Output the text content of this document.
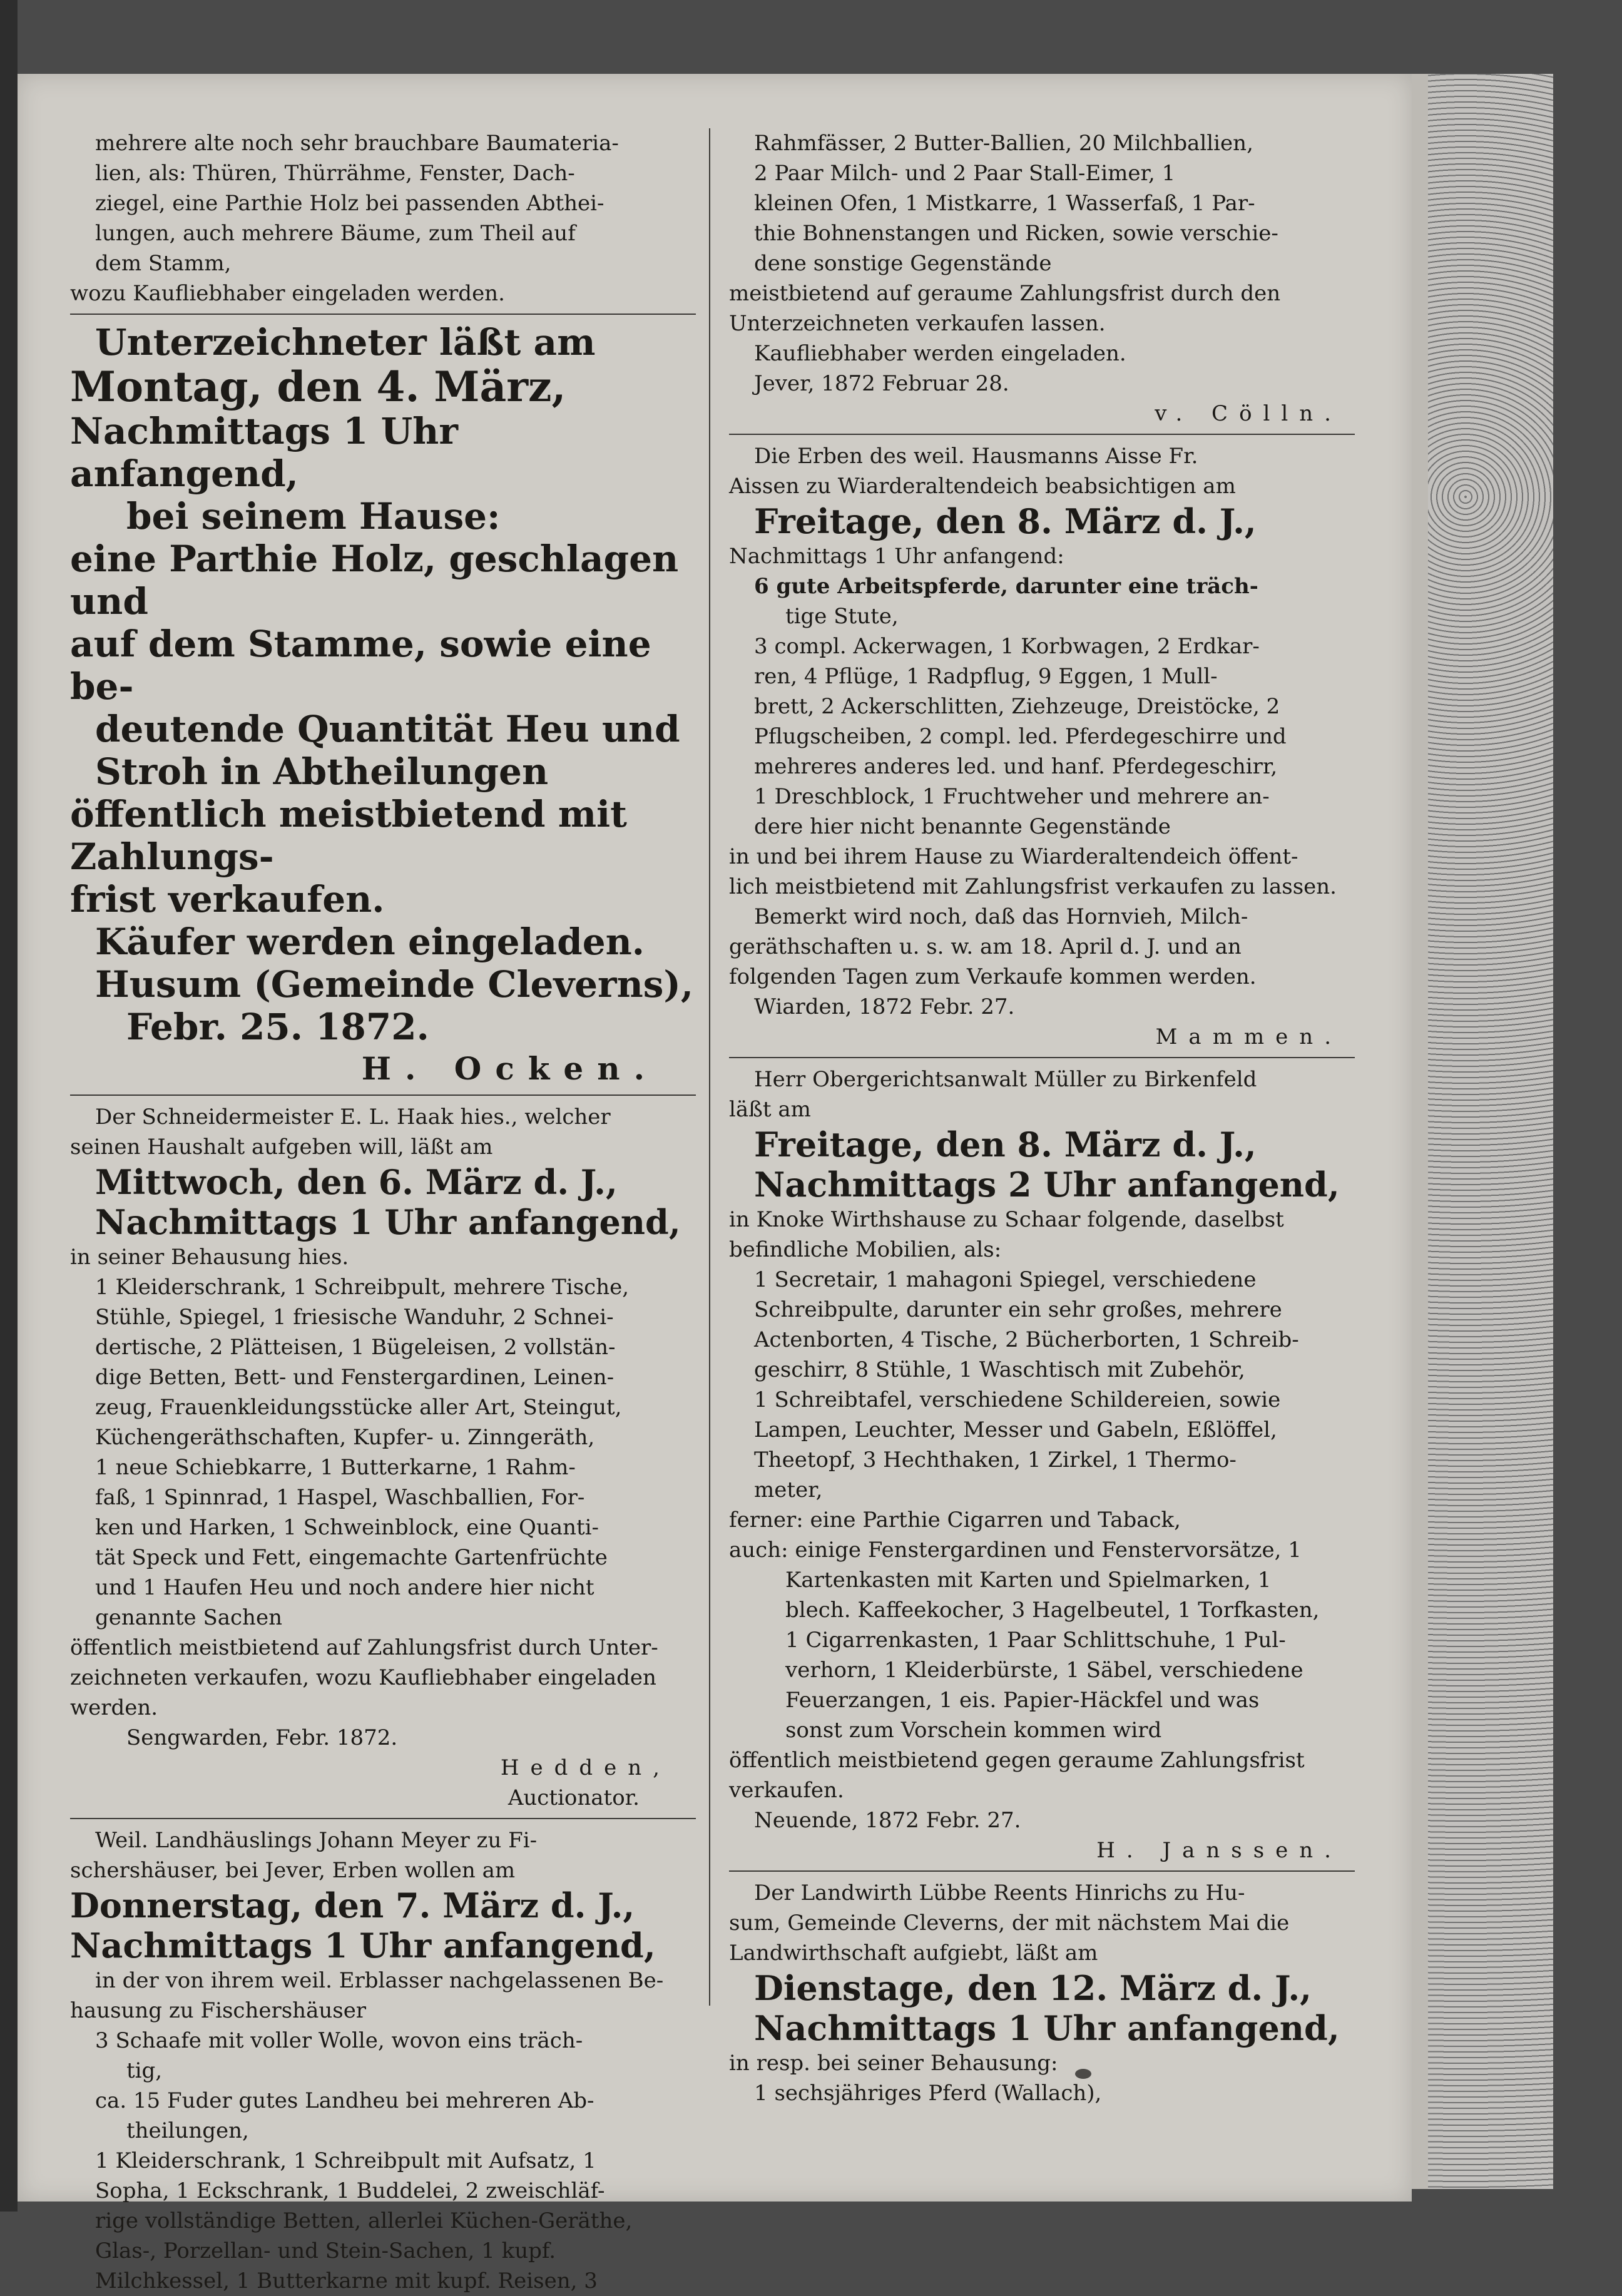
mehrere alte noch sehr brauchbare Baumateria-

lien, als: Thüren, Thürrähme, Fenster, Dach-

ziegel, eine Parthie Holz bei passenden Abthei-

lungen, auch mehrere Bäume, zum Theil auf

dem Stamm,

wozu Kaufliebhaber eingeladen werden.

Unterzeichneter läßt am

Montag, den 4. März,

Nachmittags 1 Uhr anfangend,

bei seinem Hause:

eine Parthie Holz, geschlagen und

auf dem Stamme, sowie eine be-

deutende Quantität Heu und

Stroh in Abtheilungen

öffentlich meistbietend mit Zahlungs-

frist verkaufen.

Käufer werden eingeladen.

Husum (Gemeinde Cleverns),

Febr. 25. 1872.

H. Ocken.

Der Schneidermeister E. L. Haak hies., welcher

seinen Haushalt aufgeben will, läßt am

Mittwoch, den 6. März d. J.,

Nachmittags 1 Uhr anfangend,

in seiner Behausung hies.

1 Kleiderschrank, 1 Schreibpult, mehrere Tische,

Stühle, Spiegel, 1 friesische Wanduhr, 2 Schnei-

dertische, 2 Plätteisen, 1 Bügeleisen, 2 vollstän-

dige Betten, Bett- und Fenstergardinen, Leinen-

zeug, Frauenkleidungsstücke aller Art, Steingut,

Küchengeräthschaften, Kupfer- u. Zinngeräth,

1 neue Schiebkarre, 1 Butterkarne, 1 Rahm-

faß, 1 Spinnrad, 1 Haspel, Waschballien, For-

ken und Harken, 1 Schweinblock, eine Quanti-

tät Speck und Fett, eingemachte Gartenfrüchte

und 1 Haufen Heu und noch andere hier nicht

genannte Sachen

öffentlich meistbietend auf Zahlungsfrist durch Unter-

zeichneten verkaufen, wozu Kaufliebhaber eingeladen

werden.

Sengwarden, Febr. 1872.

Hedden,

Auctionator.

Weil. Landhäuslings Johann Meyer zu Fi-

schershäuser, bei Jever, Erben wollen am

Donnerstag, den 7. März d. J.,

Nachmittags 1 Uhr anfangend,

in der von ihrem weil. Erblasser nachgelassenen Be-

hausung zu Fischershäuser

3 Schaafe mit voller Wolle, wovon eins träch-

tig,

ca. 15 Fuder gutes Landheu bei mehreren Ab-

theilungen,

1 Kleiderschrank, 1 Schreibpult mit Aufsatz, 1

Sopha, 1 Eckschrank, 1 Buddelei, 2 zweischläf-

rige vollständige Betten, allerlei Küchen-Geräthe,

Glas-, Porzellan- und Stein-Sachen, 1 kupf.

Milchkessel, 1 Butterkarne mit kupf. Reisen, 3

Rahmfässer, 2 Butter-Ballien, 20 Milchballien,

2 Paar Milch- und 2 Paar Stall-Eimer, 1

kleinen Ofen, 1 Mistkarre, 1 Wasserfaß, 1 Par-

thie Bohnenstangen und Ricken, sowie verschie-

dene sonstige Gegenstände

meistbietend auf geraume Zahlungsfrist durch den

Unterzeichneten verkaufen lassen.

Kaufliebhaber werden eingeladen.

Jever, 1872 Februar 28.

v. Cölln.

Die Erben des weil. Hausmanns Aisse Fr.

Aissen zu Wiarderaltendeich beabsichtigen am

Freitage, den 8. März d. J.,

Nachmittags 1 Uhr anfangend:

6 gute Arbeitspferde, darunter eine träch-

tige Stute,

3 compl. Ackerwagen, 1 Korbwagen, 2 Erdkar-

ren, 4 Pflüge, 1 Radpflug, 9 Eggen, 1 Mull-

brett, 2 Ackerschlitten, Ziehzeuge, Dreistöcke, 2

Pflugscheiben, 2 compl. led. Pferdegeschirre und

mehreres anderes led. und hanf. Pferdegeschirr,

1 Dreschblock, 1 Fruchtweher und mehrere an-

dere hier nicht benannte Gegenstände

in und bei ihrem Hause zu Wiarderaltendeich öffent-

lich meistbietend mit Zahlungsfrist verkaufen zu lassen.

Bemerkt wird noch, daß das Hornvieh, Milch-

geräthschaften u. s. w. am 18. April d. J. und an

folgenden Tagen zum Verkaufe kommen werden.

Wiarden, 1872 Febr. 27.

Mammen.

Herr Obergerichtsanwalt Müller zu Birkenfeld

läßt am

Freitage, den 8. März d. J.,

Nachmittags 2 Uhr anfangend,

in Knoke Wirthshause zu Schaar folgende, daselbst

befindliche Mobilien, als:

1 Secretair, 1 mahagoni Spiegel, verschiedene

Schreibpulte, darunter ein sehr großes, mehrere

Actenborten, 4 Tische, 2 Bücherborten, 1 Schreib-

geschirr, 8 Stühle, 1 Waschtisch mit Zubehör,

1 Schreibtafel, verschiedene Schildereien, sowie

Lampen, Leuchter, Messer und Gabeln, Eßlöffel,

Theetopf, 3 Hechthaken, 1 Zirkel, 1 Thermo-

meter,

ferner: eine Parthie Cigarren und Taback,

auch: einige Fenstergardinen und Fenstervorsätze, 1

Kartenkasten mit Karten und Spielmarken, 1

blech. Kaffeekocher, 3 Hagelbeutel, 1 Torfkasten,

1 Cigarrenkasten, 1 Paar Schlittschuhe, 1 Pul-

verhorn, 1 Kleiderbürste, 1 Säbel, verschiedene

Feuerzangen, 1 eis. Papier-Häckfel und was

sonst zum Vorschein kommen wird

öffentlich meistbietend gegen geraume Zahlungsfrist

verkaufen.

Neuende, 1872 Febr. 27.

H. Janssen.

Der Landwirth Lübbe Reents Hinrichs zu Hu-

sum, Gemeinde Cleverns, der mit nächstem Mai die

Landwirthschaft aufgiebt, läßt am

Dienstage, den 12. März d. J.,

Nachmittags 1 Uhr anfangend,

in resp. bei seiner Behausung:

1 sechsjähriges Pferd (Wallach),
